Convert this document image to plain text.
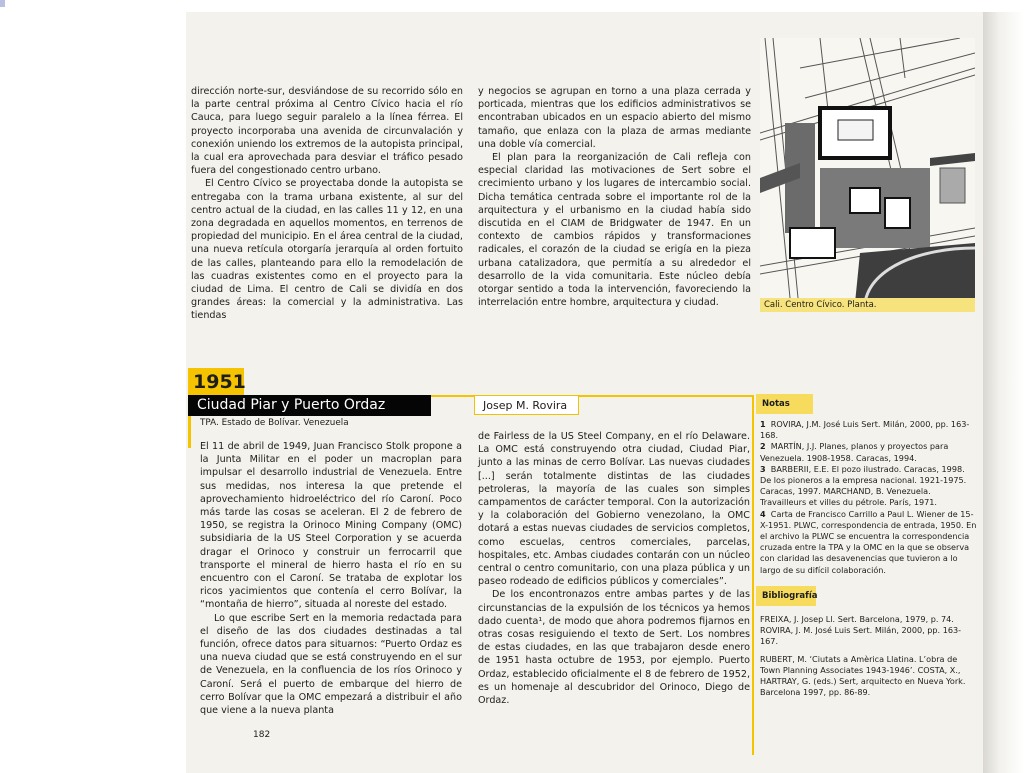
dirección norte-sur, desviándose de su recorrido sólo en la parte central próxima al Centro Cívico hacia el río Cauca, para luego seguir paralelo a la línea férrea. El proyecto incorporaba una avenida de circunvalación y conexión uniendo los extremos de la autopista principal, la cual era aprovechada para desviar el tráfico pesado fuera del congestionado centro urbano.

El Centro Cívico se proyectaba donde la autopista se entregaba con la trama urbana existente, al sur del centro actual de la ciudad, en las calles 11 y 12, en una zona degradada en aquellos momentos, en terrenos de propiedad del municipio. En el área central de la ciudad, una nueva retícula otorgaría jerarquía al orden fortuito de las calles, planteando para ello la remodelación de las cuadras existentes como en el proyecto para la ciudad de Lima. El centro de Cali se dividía en dos grandes áreas: la comercial y la administrativa. Las tiendas

y negocios se agrupan en torno a una plaza cerrada y porticada, mientras que los edificios administrativos se encontraban ubicados en un espacio abierto del mismo tamaño, que enlaza con la plaza de armas mediante una doble vía comercial.

El plan para la reorganización de Cali refleja con especial claridad las motivaciones de Sert sobre el crecimiento urbano y los lugares de intercambio social. Dicha temática centrada sobre el importante rol de la arquitectura y el urbanismo en la ciudad había sido discutida en el CIAM de Bridgwater de 1947. En un contexto de cambios rápidos y transformaciones radicales, el corazón de la ciudad se erigía en la pieza urbana catalizadora, que permitía a su alrededor el desarrollo de la vida comunitaria. Este núcleo debía otorgar sentido a toda la intervención, favoreciendo la interrelación entre hombre, arquitectura y ciudad.	Cali. Centro Cívico. Planta.
1951
Ciudad Piar y Puerto Ordaz
TPA. Estado de Bolívar. Venezuela
Josep M. Rovira

El 11 de abril de 1949, Juan Francisco Stolk propone a la Junta Militar en el poder un macroplan para impulsar el desarrollo industrial de Venezuela. Entre sus medidas, nos interesa la que pretende el aprovechamiento hidroeléctrico del río Caroní. Poco más tarde las cosas se aceleran. El 2 de febrero de 1950, se registra la Orinoco Mining Company (OMC) subsidiaria de la US Steel Corporation y se acuerda dragar el Orinoco y construir un ferrocarril que transporte el mineral de hierro hasta el río en su encuentro con el Caroní. Se trataba de explotar los ricos yacimientos que contenía el cerro Bolívar, la “montaña de hierro”, situada al noreste del estado.

Lo que escribe Sert en la memoria redactada para el diseño de las dos ciudades destinadas a tal función, ofrece datos para situarnos: “Puerto Ordaz es una nueva ciudad que se está construyendo en el sur de Venezuela, en la confluencia de los ríos Orinoco y Caroní. Será el puerto de embarque del hierro de cerro Bolívar que la OMC empezará a distribuir el año que viene a la nueva planta

de Fairless de la US Steel Company, en el río Delaware. La OMC está construyendo otra ciudad, Ciudad Piar, junto a las minas de cerro Bolívar. Las nuevas ciudades [...] serán totalmente distintas de las ciudades petroleras, la mayoría de las cuales son simples campamentos de carácter temporal. Con la autorización y la colaboración del Gobierno venezolano, la OMC dotará a estas nuevas ciudades de servicios completos, como escuelas, centros comerciales, parcelas, hospitales, etc. Ambas ciudades contarán con un núcleo central o centro comunitario, con una plaza pública y un paseo rodeado de edificios públicos y comerciales”.

De los encontronazos entre ambas partes y de las circunstancias de la expulsión de los técnicos ya hemos dado cuenta¹, de modo que ahora podremos fijarnos en otras cosas resiguiendo el texto de Sert. Los nombres de estas ciudades, en las que trabajaron desde enero de 1951 hasta octubre de 1953, por ejemplo. Puerto Ordaz, establecido oficialmente el 8 de febrero de 1952, es un homenaje al descubridor del Orinoco, Diego de Ordaz.

Notas

1 ROVIRA, J.M. José Luis Sert. Milán, 2000, pp. 163-168.

2 MARTÍN, J.J. Planes, planos y proyectos para Venezuela. 1908-1958. Caracas, 1994.

3 BARBERII, E.E. El pozo ilustrado. Caracas, 1998. De los pioneros a la empresa nacional. 1921-1975. Caracas, 1997. MARCHAND, B. Venezuela. Travailleurs et villes du pétrole. París, 1971.

4 Carta de Francisco Carrillo a Paul L. Wiener de 15-X-1951. PLWC, correspondencia de entrada, 1950. En el archivo la PLWC se encuentra la correspondencia cruzada entre la TPA y la OMC en la que se observa con claridad las desavenencias que tuvieron a lo largo de su difícil colaboración.

Bibliografía

FREIXA, J. Josep Ll. Sert. Barcelona, 1979, p. 74.

ROVIRA, J. M. José Luis Sert. Milán, 2000, pp. 163-167.

RUBERT, M. ‘Ciutats a Amèrica Llatina. L’obra de Town Planning Associates 1943-1946’. COSTA, X., HARTRAY, G. (eds.) Sert, arquitecto en Nueva York. Barcelona 1997, pp. 86-89.

182
